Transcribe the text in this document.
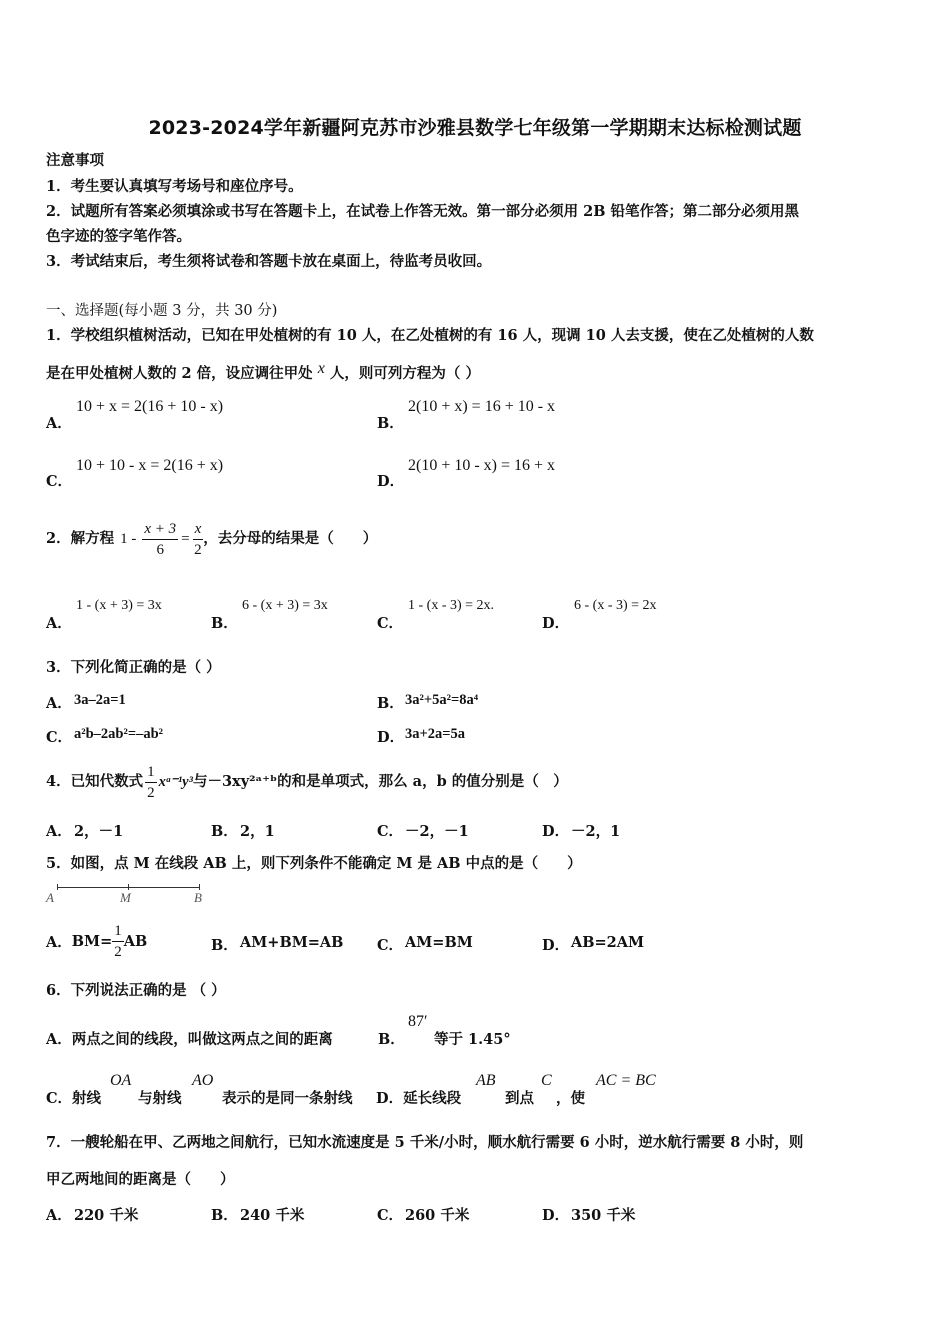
2023-2024学年新疆阿克苏市沙雅县数学七年级第一学期期末达标检测试题
注意事项
1．考生要认真填写考场号和座位序号。
2．试题所有答案必须填涂或书写在答题卡上，在试卷上作答无效。第一部分必须用 2B 铅笔作答；第二部分必须用黑
色字迹的签字笔作答。
3．考试结束后，考生须将试卷和答题卡放在桌面上，待监考员收回。
一、选择题(每小题 3 分，共 30 分)
1．学校组织植树活动，已知在甲处植树的有 10 人，在乙处植树的有 16 人，现调 10 人去支援，使在乙处植树的人数
是在甲处植树人数的 2 倍，设应调往甲处 x 人，则可列方程为（ ）
A．
10 + x = 2(16 + 10 - x)
B．
2(10 + x) = 16 + 10 - x
C．
10 + 10 - x = 2(16 + x)
D．
2(10 + 10 - x) = 16 + x
2．解方程 $1 - \frac{x + 3}{6} = \frac{x}{2}$ ，去分母的结果是（　　）
A．
1 - (x + 3) = 3x
B．
6 - (x + 3) = 3x
C．
1 - (x - 3) = 2x.
D．
6 - (x - 3) = 2x
3．下列化简正确的是（ ）
A． 3a–2a=1	B． 3a²+5a²=8a⁴
C． a²b–2ab²=–ab²	D． 3a+2a=5a
4．已知代数式 $\frac{1}{2}$ xᵃ⁻¹y³ 与－3xy²ᵃ⁺ᵇ 的和是单项式，那么 a，b 的值分别是（　）
A． 2，－1	B． 2，1	C． －2，－1	D． －2，1
5．如图，点 M 在线段 AB 上，则下列条件不能确定 M 是 AB 中点的是（　　）
A	M	B
A． $BM= \frac{1}{2}$ AB	B． AM+BM=AB C． AM=BM	D． AB=2AM
6．下列说法正确的是 （ ）
A．两点之间的线段，叫做这两点之间的距离	B．
87′
等于 1.45°
C．射线
OA
与射线
AO
表示的是同一条射线 D．延长线段
AB
到点
C
，使
AC = BC
7．一艘轮船在甲、乙两地之间航行，已知水流速度是 5 千米/小时，顺水航行需要 6 小时，逆水航行需要 8 小时，则
甲乙两地间的距离是（　　）
A． 220 千米	B． 240 千米	C． 260 千米	D． 350 千米
